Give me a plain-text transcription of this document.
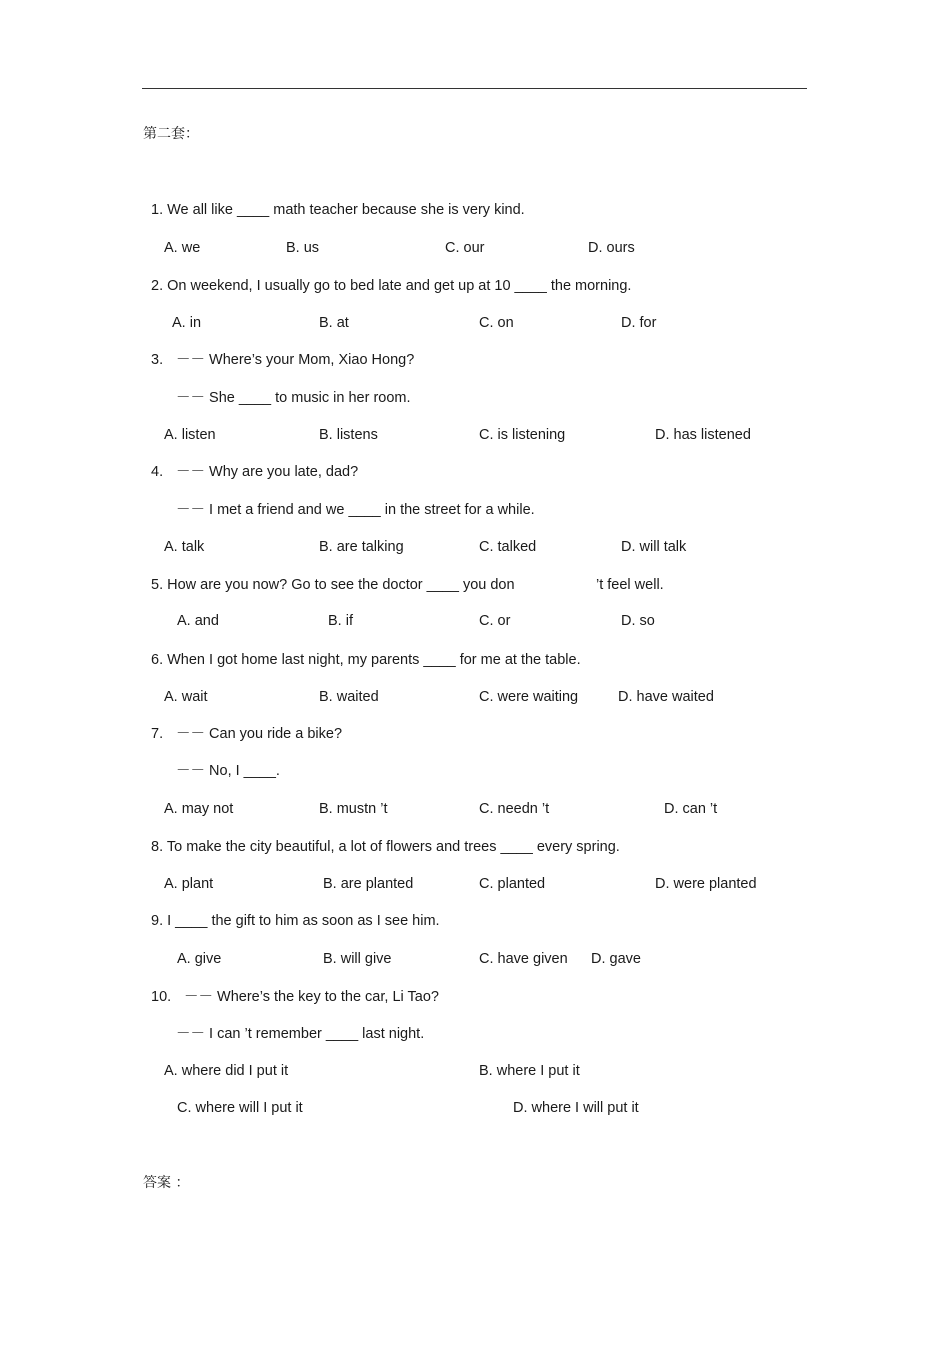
第二套：
1. We all like ____ math teacher because she is very kind.
A. we	B. us	C. our	D. ours
2. On weekend, I usually go to bed late and get up at 10 ____ the morning.
A. in	B. at	C. on	D. for
3. －－ Where’s your Mom, Xiao Hong?
－－ She ____ to music in her room.
A. listen	B. listens	C. is listening	D. has listened
4. －－ Why are you late, dad?
－－ I met a friend and we ____ in the street for a while.
A. talk	B. are talking	C. talked	D. will talk
5. How are you now? Go to see the doctor ____ you don	’t feel well.
A. and	B. if	C. or	D. so
6. When I got home last night, my parents ____ for me at the table.
A. wait	B. waited	C. were waiting	D. have waited
7. －－ Can you ride a bike?
－－ No, I ____.
A. may not	B. mustn ’t	C. needn ’t	D. can ’t
8. To make the city beautiful, a lot of flowers and trees ____ every spring.
A. plant	B. are planted	C. planted	D. were planted
9. I ____ the gift to him as soon as I see him.
A. give	B. will give	C. have given D. gave
10. －－ Where’s the key to the car, Li Tao?
－－ I can ’t remember ____ last night.
A. where did I put it	B. where I put it
C. where will I put it	D. where I will put it
答案 ：
